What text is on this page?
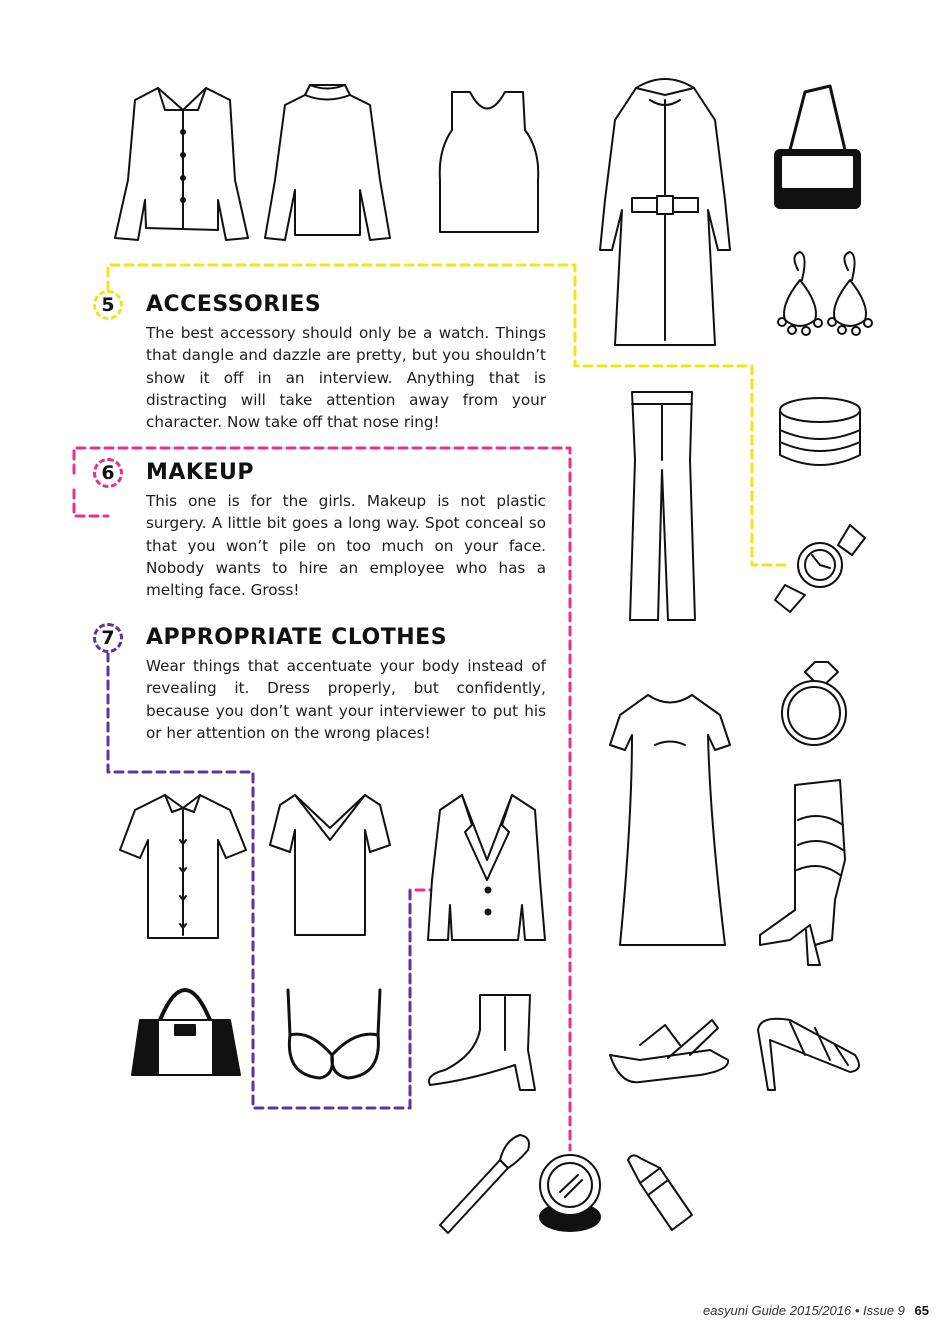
5 ACCESSORIES

The best accessory should only be a watch. Things that dangle and dazzle are pretty, but you shouldn’t show it off in an interview. Anything that is distracting will take attention away from your character. Now take off that nose ring!

6 MAKEUP

This one is for the girls. Makeup is not plastic surgery. A little bit goes a long way. Spot conceal so that you won’t pile on too much on your face. Nobody wants to hire an employee who has a melting face. Gross!

7 APPROPRIATE CLOTHES

Wear things that accentuate your body instead of revealing it. Dress properly, but confidently, because you don’t want your interviewer to put his or her attention on the wrong places!

easyuni Guide 2015/2016 • Issue 9 65
